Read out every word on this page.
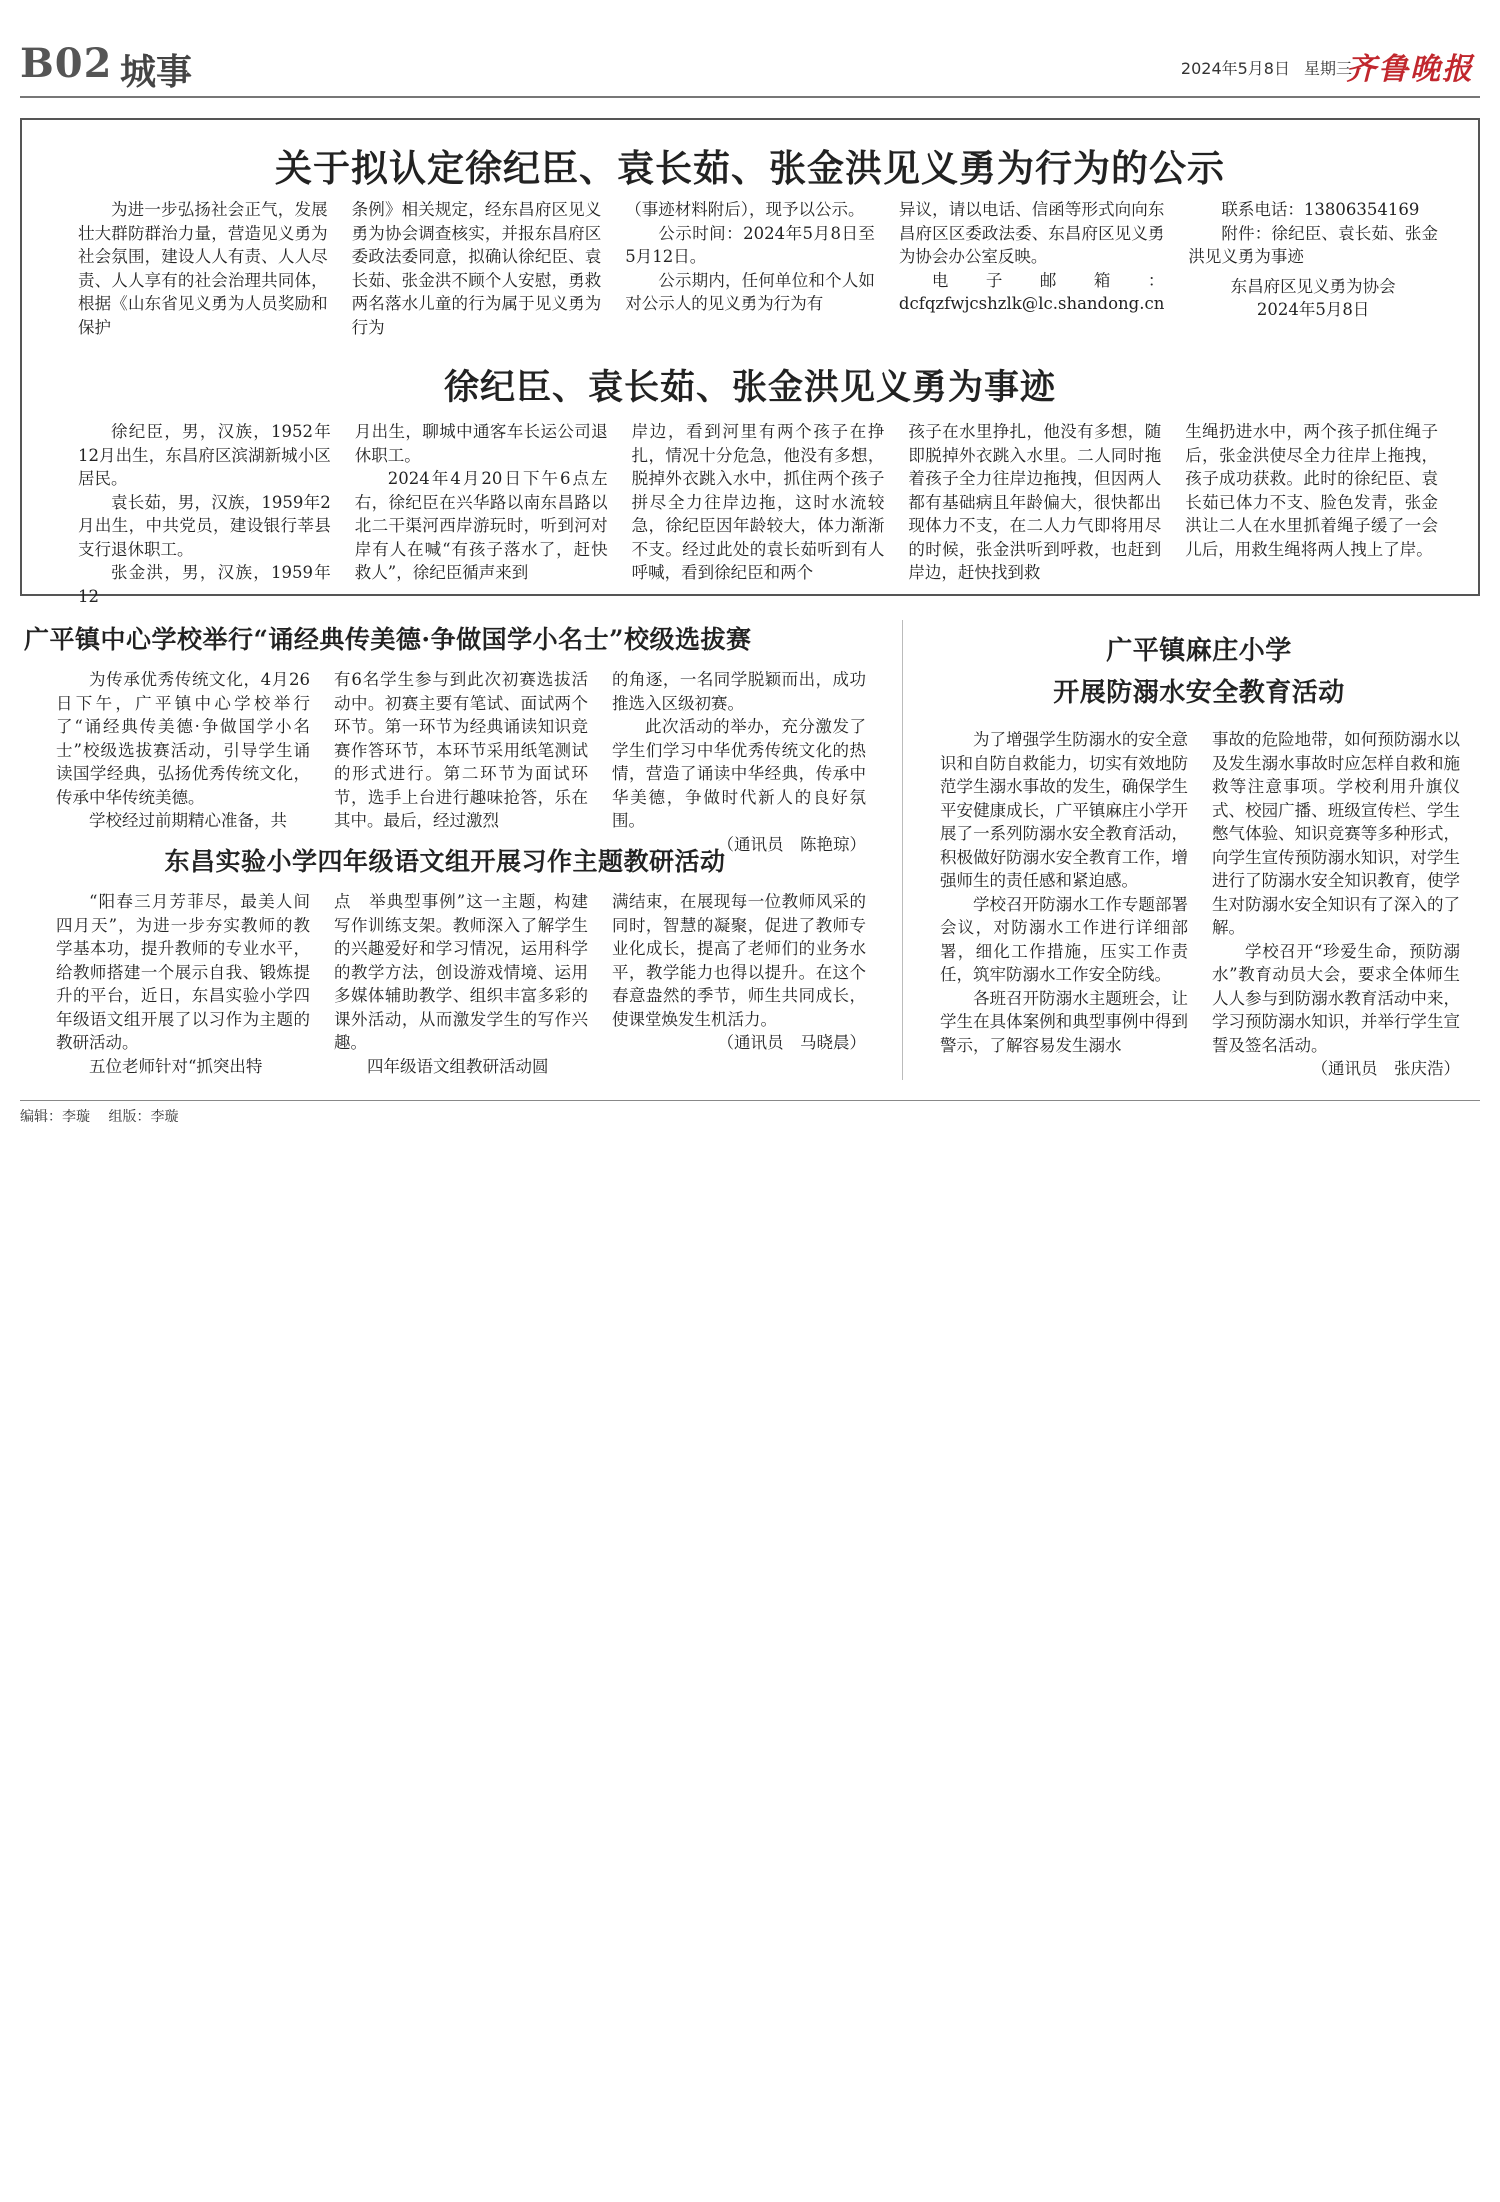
B02 城事	2024年5月8日 星期三
齐鲁晚报
关于拟认定徐纪臣、袁长茹、张金洪见义勇为行为的公示

为进一步弘扬社会正气，发展壮大群防群治力量，营造见义勇为社会氛围，建设人人有责、人人尽责、人人享有的社会治理共同体，根据《山东省见义勇为人员奖励和保护

条例》相关规定，经东昌府区见义勇为协会调查核实，并报东昌府区委政法委同意，拟确认徐纪臣、袁长茹、张金洪不顾个人安慰，勇救两名落水儿童的行为属于见义勇为行为

（事迹材料附后），现予以公示。

公示时间：2024年5月8日至5月12日。

公示期内，任何单位和个人如对公示人的见义勇为行为有

异议，请以电话、信函等形式向向东昌府区区委政法委、东昌府区见义勇为协会办公室反映。

电子邮箱：dcfqzfwjcshzlk@lc.shandong.cn

联系电话：13806354169

附件：徐纪臣、袁长茹、张金洪见义勇为事迹

东昌府区见义勇为协会

2024年5月8日

徐纪臣、袁长茹、张金洪见义勇为事迹

徐纪臣，男，汉族，1952年12月出生，东昌府区滨湖新城小区居民。

袁长茹，男，汉族，1959年2月出生，中共党员，建设银行莘县支行退休职工。

张金洪，男，汉族，1959年12

月出生，聊城中通客车长运公司退休职工。

2024年4月20日下午6点左右，徐纪臣在兴华路以南东昌路以北二干渠河西岸游玩时，听到河对岸有人在喊“有孩子落水了，赶快救人”，徐纪臣循声来到

岸边，看到河里有两个孩子在挣扎，情况十分危急，他没有多想，脱掉外衣跳入水中，抓住两个孩子拼尽全力往岸边拖，这时水流较急，徐纪臣因年龄较大，体力渐渐不支。经过此处的袁长茹听到有人呼喊，看到徐纪臣和两个

孩子在水里挣扎，他没有多想，随即脱掉外衣跳入水里。二人同时拖着孩子全力往岸边拖拽，但因两人都有基础病且年龄偏大，很快都出现体力不支，在二人力气即将用尽的时候，张金洪听到呼救，也赶到岸边，赶快找到救

生绳扔进水中，两个孩子抓住绳子后，张金洪使尽全力往岸上拖拽，孩子成功获救。此时的徐纪臣、袁长茹已体力不支、脸色发青，张金洪让二人在水里抓着绳子缓了一会儿后，用救生绳将两人拽上了岸。

广平镇中心学校举行“诵经典传美德·争做国学小名士”校级选拔赛

为传承优秀传统文化，4月26日下午，广平镇中心学校举行了“诵经典传美德·争做国学小名士”校级选拔赛活动，引导学生诵读国学经典，弘扬优秀传统文化，传承中华传统美德。

学校经过前期精心准备，共

有6名学生参与到此次初赛选拔活动中。初赛主要有笔试、面试两个环节。第一环节为经典诵读知识竞赛作答环节，本环节采用纸笔测试的形式进行。第二环节为面试环节，选手上台进行趣味抢答，乐在其中。最后，经过激烈

的角逐，一名同学脱颖而出，成功推选入区级初赛。

此次活动的举办，充分激发了学生们学习中华优秀传统文化的热情，营造了诵读中华经典，传承中华美德，争做时代新人的良好氛围。

（通讯员　陈艳琼）

东昌实验小学四年级语文组开展习作主题教研活动

“阳春三月芳菲尽，最美人间四月天”，为进一步夯实教师的教学基本功，提升教师的专业水平，给教师搭建一个展示自我、锻炼提升的平台，近日，东昌实验小学四年级语文组开展了以习作为主题的教研活动。

五位老师针对“抓突出特

点　举典型事例”这一主题，构建写作训练支架。教师深入了解学生的兴趣爱好和学习情况，运用科学的教学方法，创设游戏情境、运用多媒体辅助教学、组织丰富多彩的课外活动，从而激发学生的写作兴趣。

四年级语文组教研活动圆

满结束，在展现每一位教师风采的同时，智慧的凝聚，促进了教师专业化成长，提高了老师们的业务水平，教学能力也得以提升。在这个春意盎然的季节，师生共同成长，使课堂焕发生机活力。

（通讯员　马晓晨）

广平镇麻庄小学
开展防溺水安全教育活动

为了增强学生防溺水的安全意识和自防自救能力，切实有效地防范学生溺水事故的发生，确保学生平安健康成长，广平镇麻庄小学开展了一系列防溺水安全教育活动，积极做好防溺水安全教育工作，增强师生的责任感和紧迫感。

学校召开防溺水工作专题部署会议，对防溺水工作进行详细部署，细化工作措施，压实工作责任，筑牢防溺水工作安全防线。

各班召开防溺水主题班会，让学生在具体案例和典型事例中得到警示，了解容易发生溺水

事故的危险地带，如何预防溺水以及发生溺水事故时应怎样自救和施救等注意事项。学校利用升旗仪式、校园广播、班级宣传栏、学生憋气体验、知识竞赛等多种形式，向学生宣传预防溺水知识，对学生进行了防溺水安全知识教育，使学生对防溺水安全知识有了深入的了解。

学校召开“珍爱生命，预防溺水”教育动员大会，要求全体师生人人参与到防溺水教育活动中来，学习预防溺水知识，并举行学生宣誓及签名活动。

（通讯员　张庆浩）

编辑：李璇 组版：李璇
